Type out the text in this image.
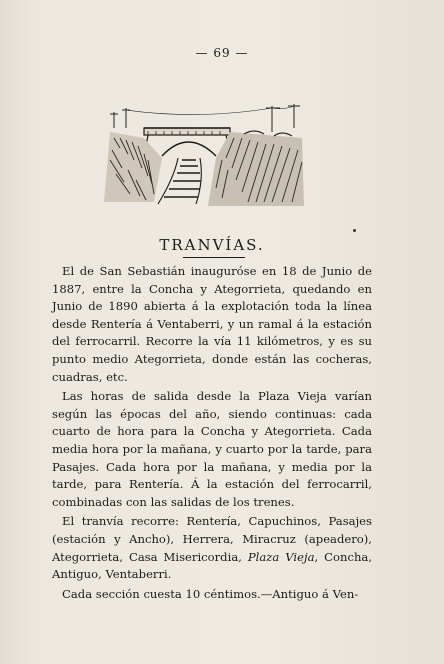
— 69 —
TRANVÍAS.

El de San Sebastián inauguróse en 18 de Junio de 1887, entre la Concha y Ategorrieta, quedando en Junio de 1890 abierta á la explotación toda la línea desde Rentería á Ventaberri, y un ramal á la estación del ferrocarril. Recorre la vía 11 kilómetros, y es su punto medio Ategorrieta, donde están las cocheras, cuadras, etc.

Las horas de salida desde la Plaza Vieja varían según las épocas del año, siendo continuas: cada cuarto de hora para la Concha y Ategorrieta. Cada media hora por la mañana, y cuarto por la tarde, para Pasajes. Cada hora por la mañana, y media por la tarde, para Rentería. Á la estación del ferrocarril, combinadas con las salidas de los trenes.

El tranvía recorre: Rentería, Capuchinos, Pasajes (estación y Ancho), Herrera, Miracruz (apeadero), Ategorrieta, Casa Misericordia, Plaza Vieja, Concha, Antiguo, Ventaberri.

Cada sección cuesta 10 céntimos.—Antiguo á Ven-
